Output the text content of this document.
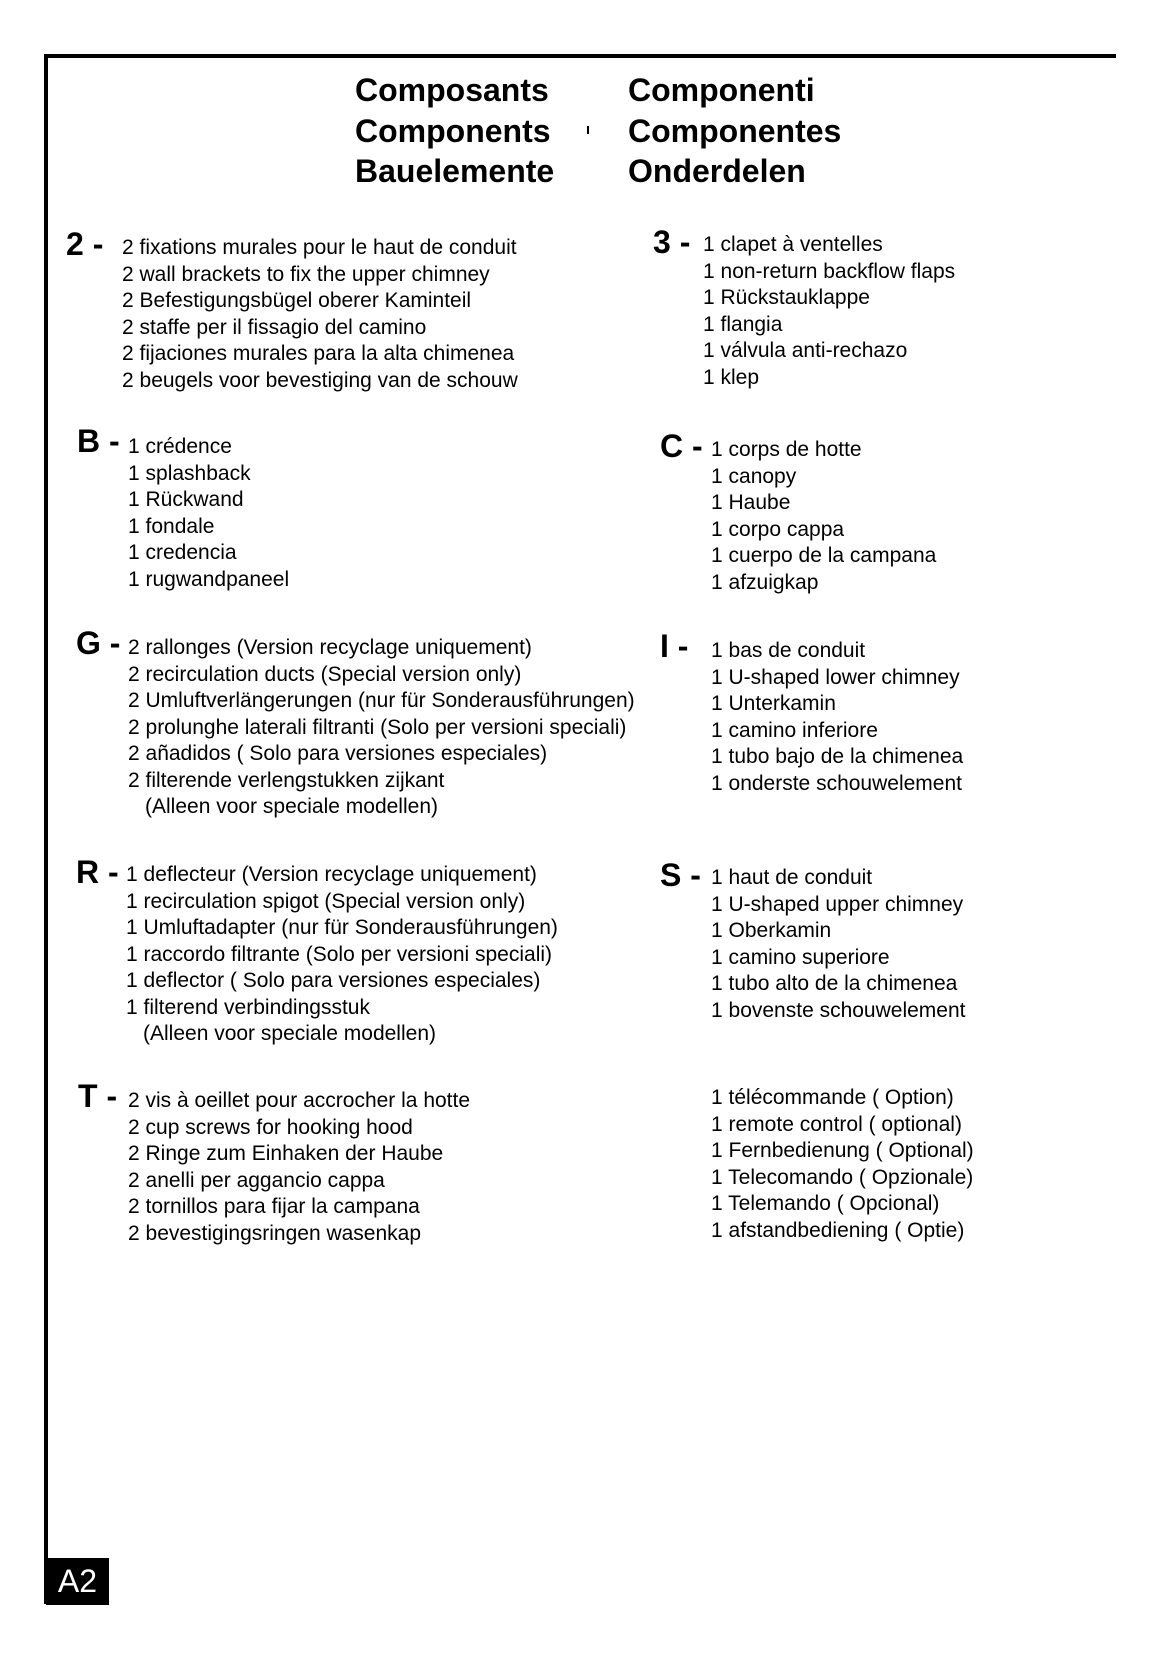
Composants
Components
Bauelemente
Componenti
Componentes
Onderdelen
2 - 2 fixations murales pour le haut de conduit
2 wall brackets to fix the upper chimney
2 Befestigungsbügel oberer Kaminteil
2 staffe per il fissagio del camino
2 fijaciones murales para la alta chimenea
2 beugels voor bevestiging van de schouw
3 - 1 clapet à ventelles
1 non-return backflow flaps
1 Rückstauklappe
1 flangia
1 válvula anti-rechazo
1 klep
B - 1 crédence
1 splashback
1 Rückwand
1 fondale
1 credencia
1 rugwandpaneel
C - 1 corps de hotte
1 canopy
1 Haube
1 corpo cappa
1 cuerpo de la campana
1 afzuigkap
G - 2 rallonges (Version recyclage uniquement)
2 recirculation ducts (Special version only)
2 Umluftverlängerungen (nur für Sonderausführungen)
2 prolunghe laterali filtranti (Solo per versioni speciali)
2 añadidos ( Solo para versiones especiales)
2 filterende verlengstukken zijkant
(Alleen voor speciale modellen)
I - 1 bas de conduit
1 U-shaped lower chimney
1 Unterkamin
1 camino inferiore
1 tubo bajo de la chimenea
1 onderste schouwelement
R - 1 deflecteur (Version recyclage uniquement)
1 recirculation spigot (Special version only)
1 Umluftadapter (nur für Sonderausführungen)
1 raccordo filtrante (Solo per versioni speciali)
1 deflector ( Solo para versiones especiales)
1 filterend verbindingsstuk
(Alleen voor speciale modellen)
S - 1 haut de conduit
1 U-shaped upper chimney
1 Oberkamin
1 camino superiore
1 tubo alto de la chimenea
1 bovenste schouwelement
T - 2 vis à oeillet pour accrocher la hotte
2 cup screws for hooking hood
2 Ringe zum Einhaken der Haube
2 anelli per aggancio cappa
2 tornillos para fijar la campana
2 bevestigingsringen wasenkap
1 télécommande ( Option)
1 remote control ( optional)
1 Fernbedienung ( Optional)
1 Telecomando ( Opzionale)
1 Telemando ( Opcional)
1 afstandbediening ( Optie)
A2
